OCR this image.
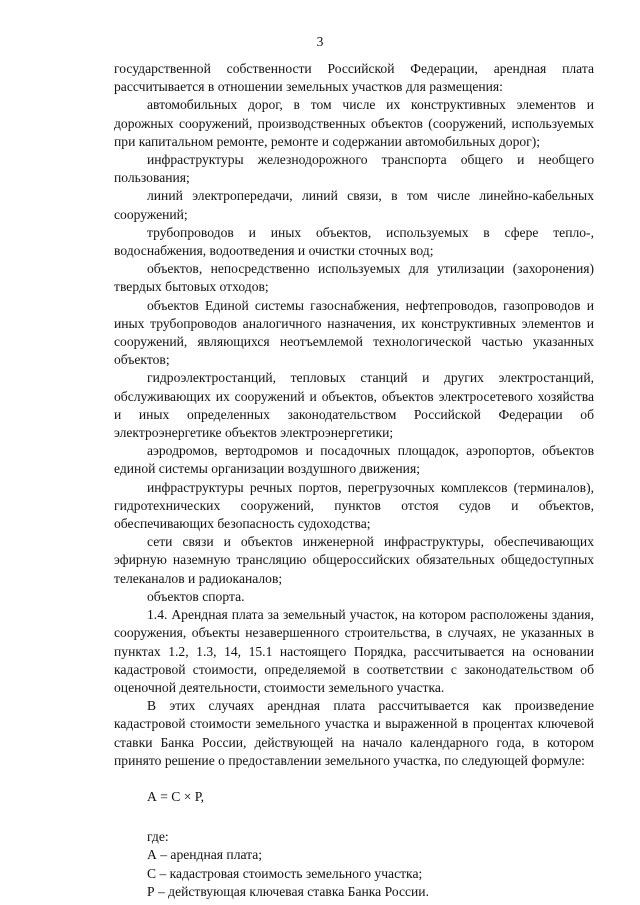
3

государственной собственности Российской Федерации, арендная плата рассчитывается в отношении земельных участков для размещения:

автомобильных дорог, в том числе их конструктивных элементов и дорожных сооружений, производственных объектов (сооружений, используемых при капитальном ремонте, ремонте и содержании автомобильных дорог);

инфраструктуры железнодорожного транспорта общего и необщего пользования;

линий электропередачи, линий связи, в том числе линейно-кабельных сооружений;

трубопроводов и иных объектов, используемых в сфере тепло-, водоснабжения, водоотведения и очистки сточных вод;

объектов, непосредственно используемых для утилизации (захоронения) твердых бытовых отходов;

объектов Единой системы газоснабжения, нефтепроводов, газопроводов и иных трубопроводов аналогичного назначения, их конструктивных элементов и сооружений, являющихся неотъемлемой технологической частью указанных объектов;

гидроэлектростанций, тепловых станций и других электростанций, обслуживающих их сооружений и объектов, объектов электросетевого хозяйства и иных определенных законодательством Российской Федерации об электроэнергетике объектов электроэнергетики;

аэродромов, вертодромов и посадочных площадок, аэропортов, объектов единой системы организации воздушного движения;

инфраструктуры речных портов, перегрузочных комплексов (терминалов), гидротехнических сооружений, пунктов отстоя судов и объектов, обеспечивающих безопасность судоходства;

сети связи и объектов инженерной инфраструктуры, обеспечивающих эфирную наземную трансляцию общероссийских обязательных общедоступных телеканалов и радиоканалов;

объектов спорта.

1.4. Арендная плата за земельный участок, на котором расположены здания, сооружения, объекты незавершенного строительства, в случаях, не указанных в пунктах 1.2, 1.3, 14, 15.1 настоящего Порядка, рассчитывается на основании кадастровой стоимости, определяемой в соответствии с законодательством об оценочной деятельности, стоимости земельного участка.

В этих случаях арендная плата рассчитывается как произведение кадастровой стоимости земельного участка и выраженной в процентах ключевой ставки Банка России, действующей на начало календарного года, в котором принято решение о предоставлении земельного участка, по следующей формуле:

А = С × Р,

где:

А – арендная плата;

С – кадастровая стоимость земельного участка;

Р – действующая ключевая ставка Банка России.
